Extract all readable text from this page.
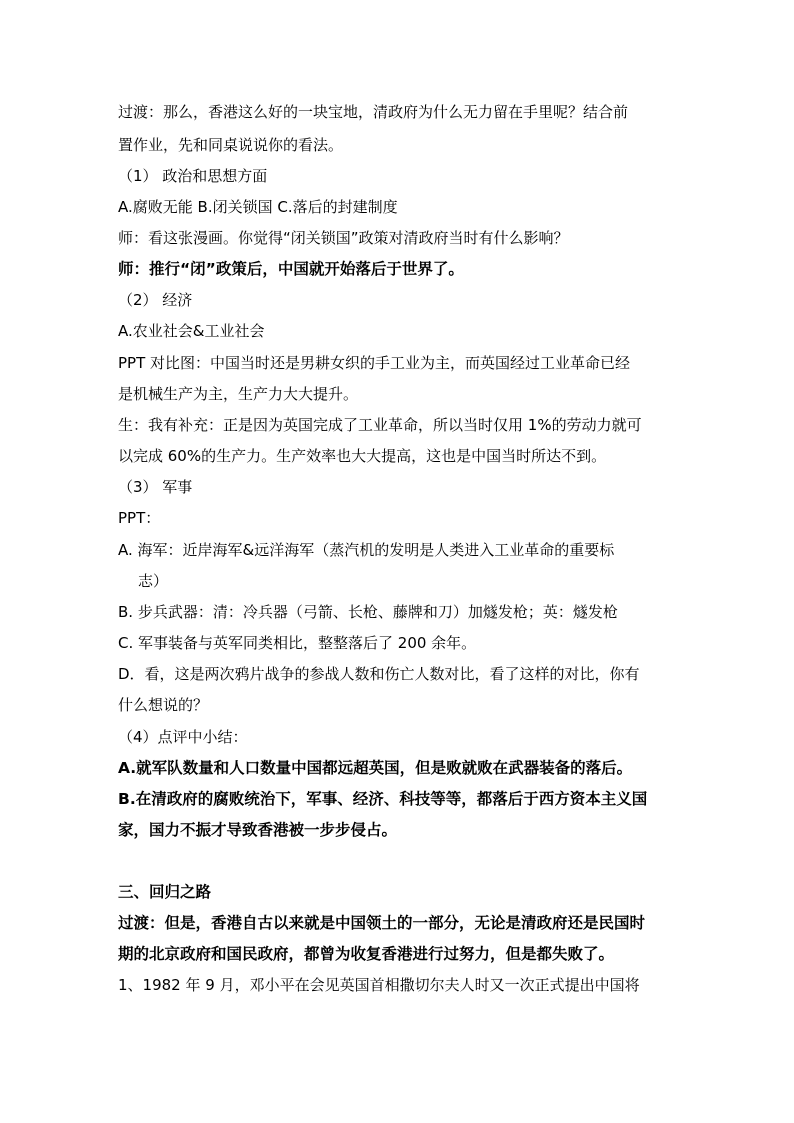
过渡：那么，香港这么好的一块宝地，清政府为什么无力留在手里呢？结合前
置作业，先和同桌说说你的看法。
（1） 政治和思想方面
A.腐败无能 B.闭关锁国 C.落后的封建制度
师：看这张漫画。你觉得“闭关锁国”政策对清政府当时有什么影响？
师：推行“闭”政策后，中国就开始落后于世界了。
（2） 经济
A.农业社会&工业社会
PPT 对比图：中国当时还是男耕女织的手工业为主，而英国经过工业革命已经
是机械生产为主，生产力大大提升。
生：我有补充：正是因为英国完成了工业革命，所以当时仅用 1%的劳动力就可
以完成 60%的生产力。生产效率也大大提高，这也是中国当时所达不到。
（3） 军事
PPT：
A. 海军：近岸海军&远洋海军（蒸汽机的发明是人类进入工业革命的重要标
志）
B. 步兵武器：清：冷兵器（弓箭、长枪、藤牌和刀）加燧发枪；英：燧发枪
C. 军事装备与英军同类相比，整整落后了 200 余年。
D．看，这是两次鸦片战争的参战人数和伤亡人数对比，看了这样的对比，你有
什么想说的？
（4）点评中小结：
A.就军队数量和人口数量中国都远超英国，但是败就败在武器装备的落后。
B.在清政府的腐败统治下，军事、经济、科技等等，都落后于西方资本主义国
家，国力不振才导致香港被一步步侵占。
三、回归之路
过渡：但是，香港自古以来就是中国领土的一部分，无论是清政府还是民国时
期的北京政府和国民政府，都曾为收复香港进行过努力，但是都失败了。
1、1982 年 9 月，邓小平在会见英国首相撒切尔夫人时又一次正式提出中国将
